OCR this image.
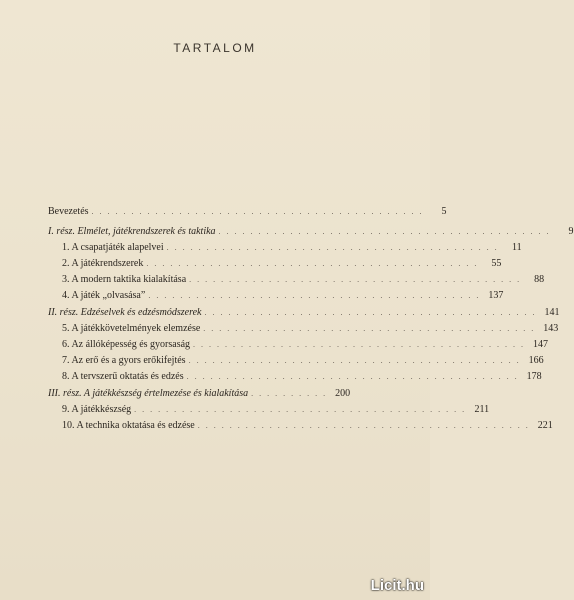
TARTALOM
Bevezetés . . . . . . . . . . . . . . . . . . . . . . . . . . . . . . . . . . . . . . . . . .	5
I. rész. Elmélet, játékrendszerek és taktika . . . . . . . . . . . . . . . . . . . . . . . . . . . . . . . . . . . . . . . . . .	9
1. A csapatjáték alapelvei . . . . . . . . . . . . . . . . . . . . . . . . . . . . . . . . . . . . . . . . . .	11
2. A játékrendszerek . . . . . . . . . . . . . . . . . . . . . . . . . . . . . . . . . . . . . . . . . .	55
3. A modern taktika kialakítása . . . . . . . . . . . . . . . . . . . . . . . . . . . . . . . . . . . . . . . . . .	88
4. A játék „olvasása” . . . . . . . . . . . . . . . . . . . . . . . . . . . . . . . . . . . . . . . . . . 137
II. rész. Edzéselvek és edzésmódszerek . . . . . . . . . . . . . . . . . . . . . . . . . . . . . . . . . . . . . . . . . . 141
5. A játékkövetelmények elemzése . . . . . . . . . . . . . . . . . . . . . . . . . . . . . . . . . . . . . . . . . . 143
6. Az állóképesség és gyorsaság . . . . . . . . . . . . . . . . . . . . . . . . . . . . . . . . . . . . . . . . . . 147
7. Az erő és a gyors erőkifejtés . . . . . . . . . . . . . . . . . . . . . . . . . . . . . . . . . . . . . . . . . . 166
8. A tervszerű oktatás és edzés . . . . . . . . . . . . . . . . . . . . . . . . . . . . . . . . . . . . . . . . . . 178
III. rész. A játékkészség értelmezése és kialakítása . . . . . . . . . . 200
9. A játékkészség . . . . . . . . . . . . . . . . . . . . . . . . . . . . . . . . . . . . . . . . . . 211
10. A technika oktatása és edzése . . . . . . . . . . . . . . . . . . . . . . . . . . . . . . . . . . . . . . . . . . 221
Licit.hu
